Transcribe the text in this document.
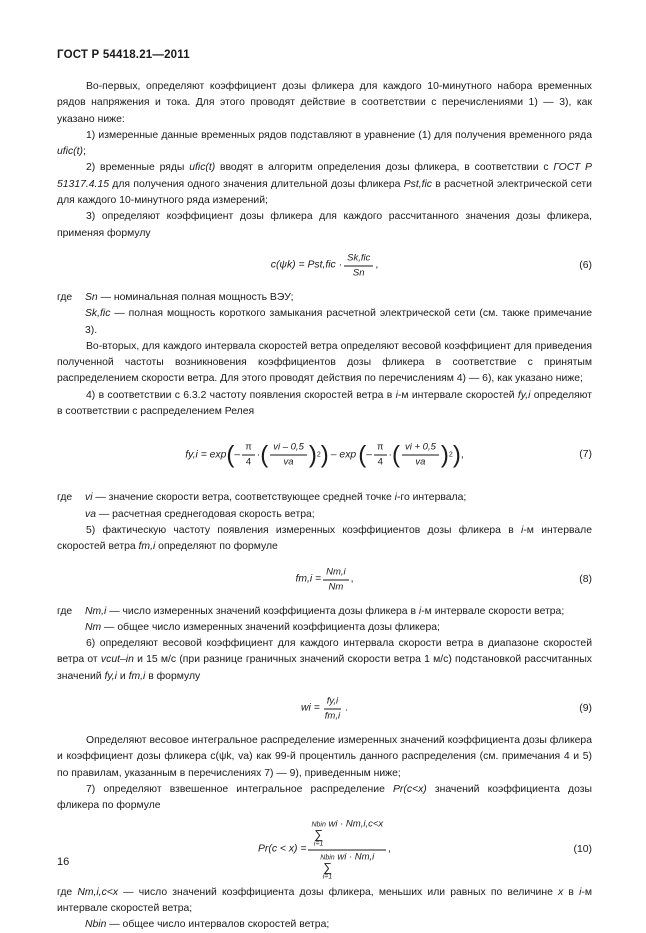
ГОСТ Р 54418.21—2011

Во-первых, определяют коэффициент дозы фликера для каждого 10-минутного набора временных рядов напряжения и тока. Для этого проводят действие в соответствии с перечислениями 1) — 3), как указано ниже:

1) измеренные данные временных рядов подставляют в уравнение (1) для получения временного ряда ufic(t);

2) временные ряды ufic(t) вводят в алгоритм определения дозы фликера, в соответствии с ГОСТ Р 51317.4.15 для получения одного значения длительной дозы фликера Pst,fic в расчетной электрической сети для каждого 10-минутного ряда измерений;

3) определяют коэффициент дозы фликера для каждого рассчитанного значения дозы фликера, применяя формулу

c(ψk) = Pst,fic ·
Sk,fic
Sn
,	(6)
где	Sn — номинальная полная мощность ВЭУ;

Sk,fic — полная мощность короткого замыкания расчетной электрической сети (см. также примечание 3).

Во-вторых, для каждого интервала скоростей ветра определяют весовой коэффициент для приведения полученной частоты возникновения коэффициентов дозы фликера в соответствие с принятым распределением скорости ветра. Для этого проводят действия по перечислениям 4) — 6), как указано ниже;

4) в соответствии с 6.3.2 частоту появления скоростей ветра в i-м интервале скоростей fy,i определяют в соответствии с распределением Релея

fy,i = exp ( – $\frac{\pi}{4}$ · ( $\frac{vi - 0,5}{va}$ ) 2 ) – exp ( – $\frac{\pi}{4}$ · ( $\frac{vi + 0,5}{va}$ ) 2 ) ,	(7)
где	vi — значение скорости ветра, соответствующее средней точке i-го интервала;

va — расчетная среднегодовая скорость ветра;

5) фактическую частоту появления измеренных коэффициентов дозы фликера в i-м интервале скоростей ветра fm,i определяют по формуле

$fm,i = \frac{Nm,i}{Nm}$ ,	(8)
где	Nm,i — число измеренных значений коэффициента дозы фликера в i-м интервале скорости ветра;

Nm — общее число измеренных значений коэффициента дозы фликера;

6) определяют весовой коэффициент для каждого интервала скорости ветра в диапазоне скоростей ветра от vcut–in и 15 м/с (при разнице граничных значений скорости ветра 1 м/с) подстановкой рассчитанных значений fy,i и fm,i в формулу

wi = $\frac{fy,i}{fm,i}$ .	(9)

Определяют весовое интегральное распределение измеренных значений коэффициента дозы фликера и коэффициент дозы фликера c(ψk, va) как 99-й процентиль данного распределения (см. примечания 4 и 5) по правилам, указанным в перечислениях 7) — 9), приведенным ниже;

7) определяют взвешенное интегральное распределение Pr(c<x) значений коэффициента дозы фликера по формуле

Pr(c < x) =
Nbin
∑
i=1
wi · Nm,i,c<x
Nbin
∑
i=1
wi · Nm,i
,	(10)

где Nm,i,c<x — число значений коэффициента дозы фликера, меньших или равных по величине x в i-м интервале скоростей ветра;

Nbin — общее число интервалов скоростей ветра;

16
